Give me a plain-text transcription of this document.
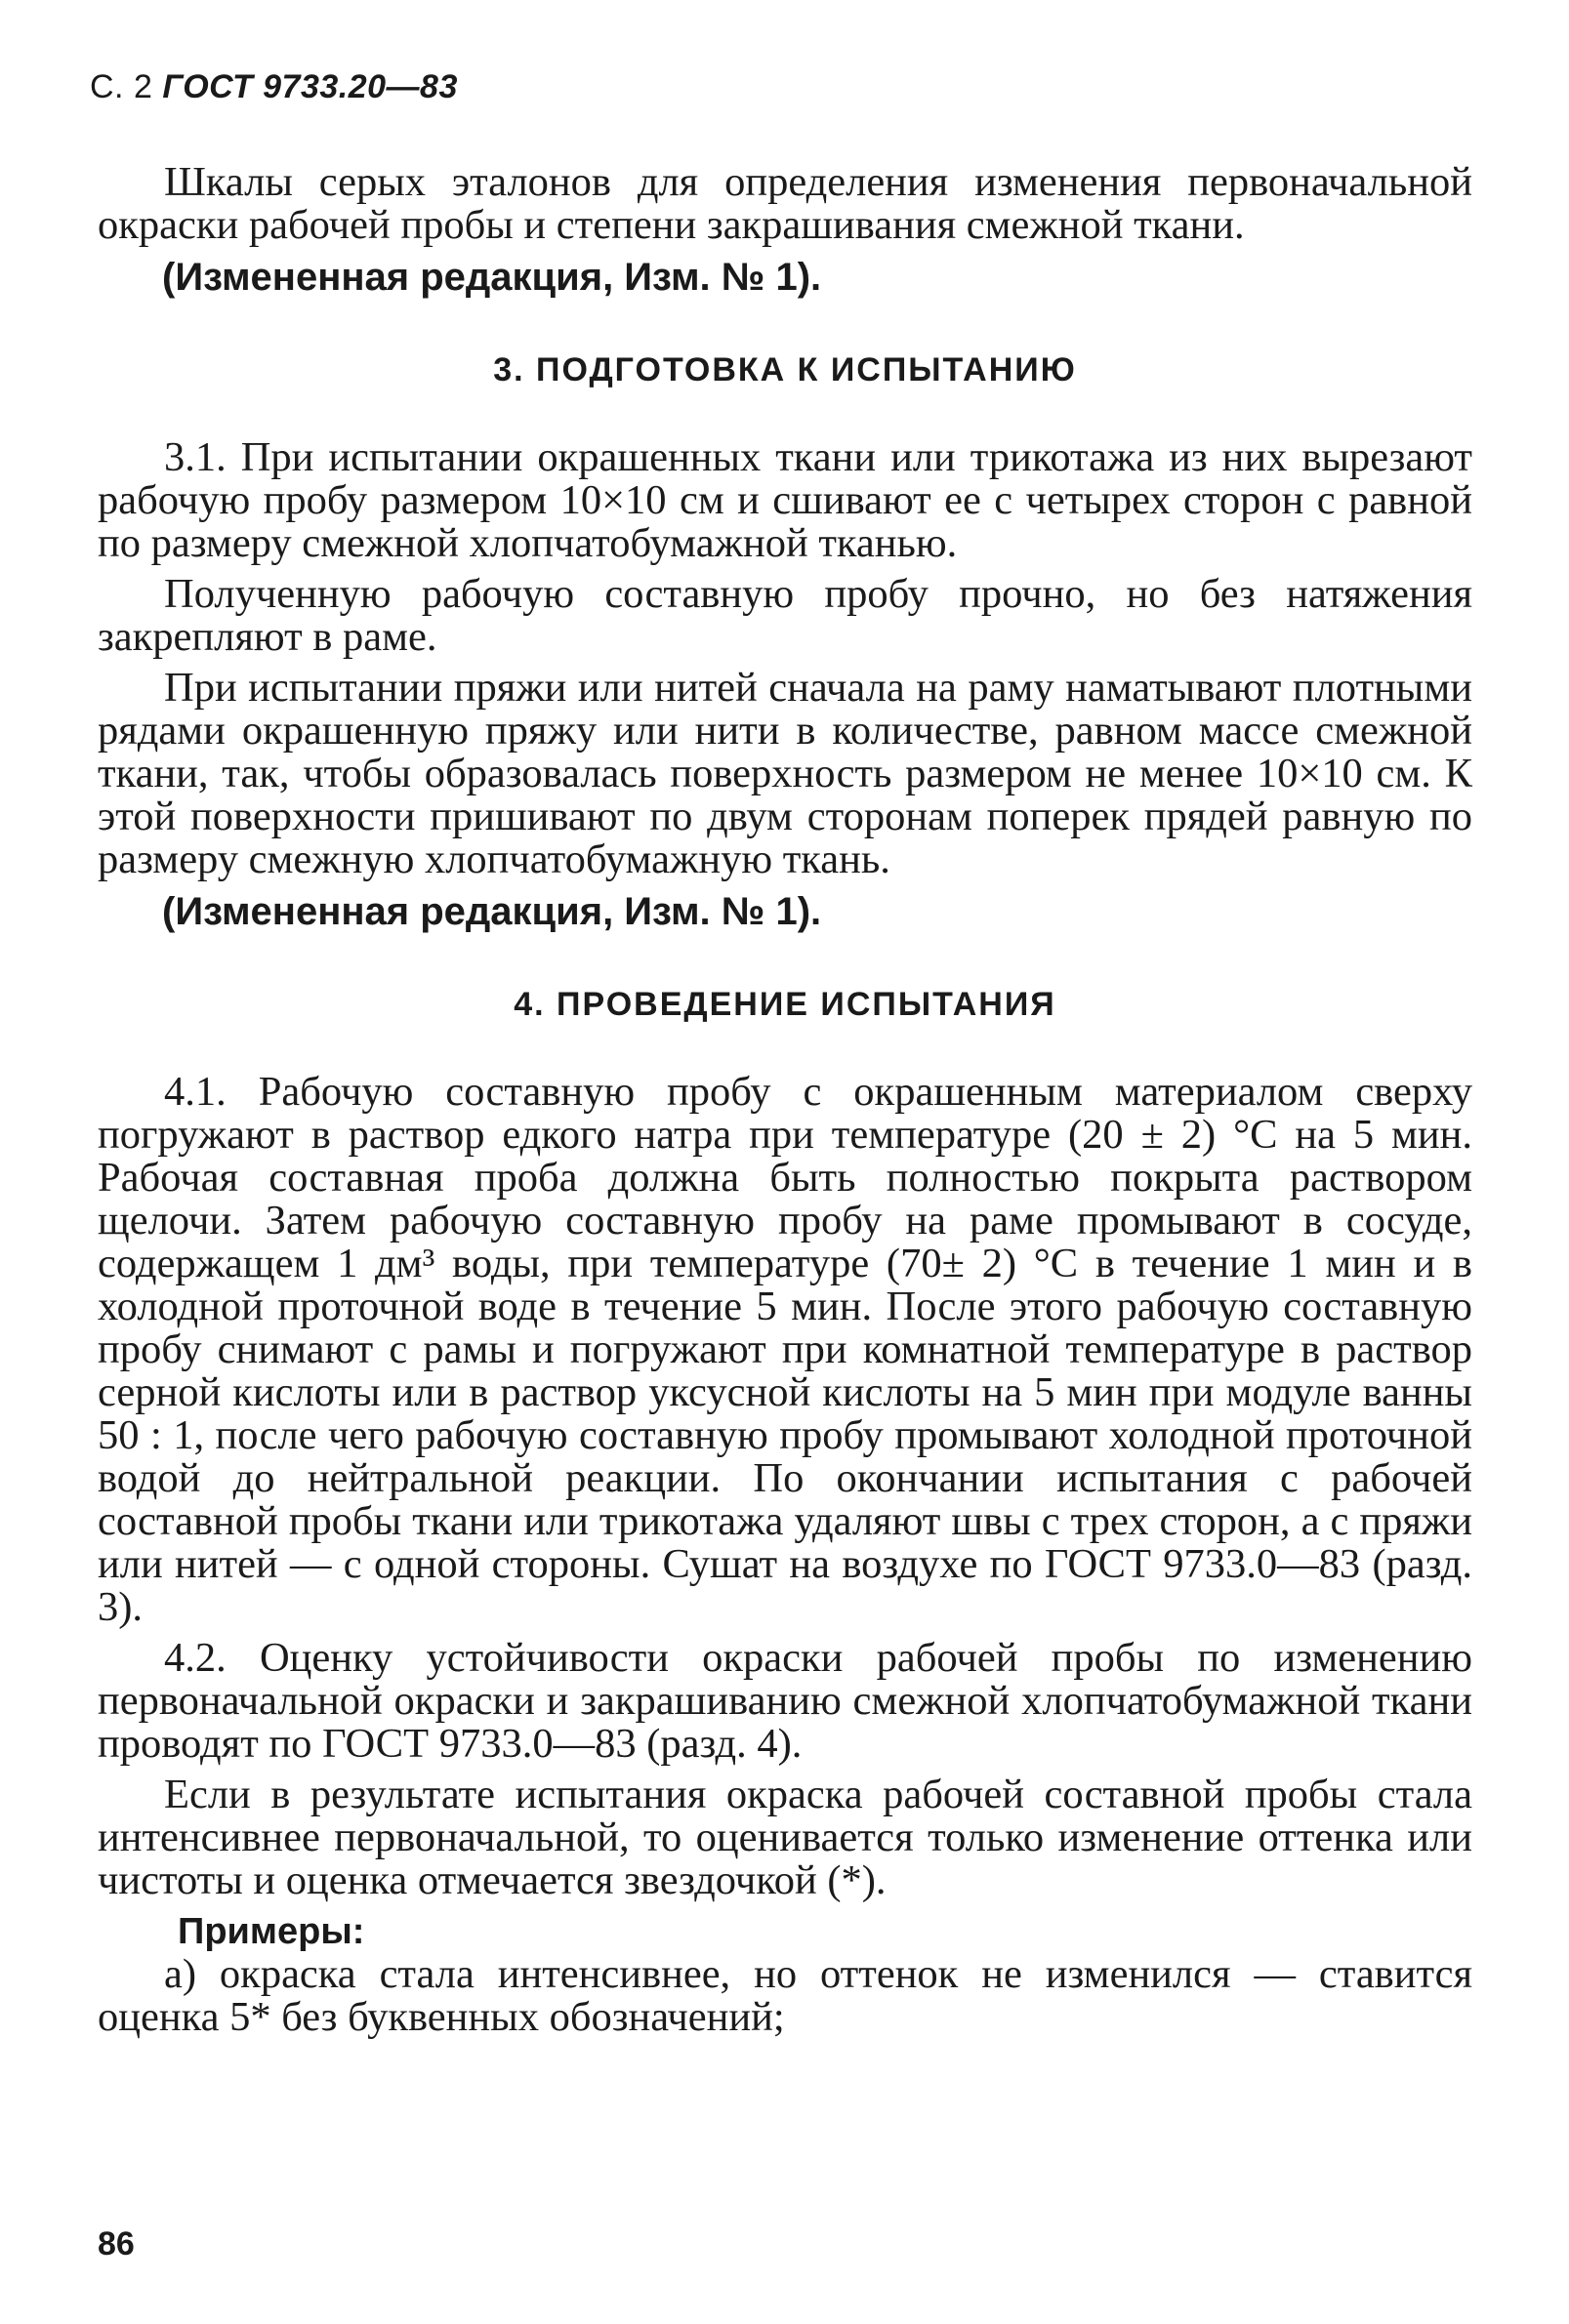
С. 2 ГОСТ 9733.20—83

Шкалы серых эталонов для определения изменения первоначальной окраски рабочей пробы и степени закрашивания смежной ткани.

(Измененная редакция, Изм. № 1).

3. ПОДГОТОВКА К ИСПЫТАНИЮ

3.1. При испытании окрашенных ткани или трикотажа из них вырезают рабочую пробу размером 10×10 см и сшивают ее с четырех сторон с равной по размеру смежной хлопчатобумажной тканью.

Полученную рабочую составную пробу прочно, но без натяжения закрепляют в раме.

При испытании пряжи или нитей сначала на раму наматывают плотными рядами окрашенную пряжу или нити в количестве, равном массе смежной ткани, так, чтобы образовалась поверхность размером не менее 10×10 см. К этой поверхности пришивают по двум сторонам поперек прядей равную по размеру смежную хлопчатобумажную ткань.

(Измененная редакция, Изм. № 1).

4. ПРОВЕДЕНИЕ ИСПЫТАНИЯ

4.1. Рабочую составную пробу с окрашенным материалом сверху погружают в раствор едкого натра при температуре (20 ± 2) °С на 5 мин. Рабочая составная проба должна быть полностью покрыта раствором щелочи. Затем рабочую составную пробу на раме промывают в сосуде, содержащем 1 дм³ воды, при температуре (70± 2) °С в течение 1 мин и в холодной проточной воде в течение 5 мин. После этого рабочую составную пробу снимают с рамы и погружают при комнатной температуре в раствор серной кислоты или в раствор уксусной кислоты на 5 мин при модуле ванны 50 : 1, после чего рабочую составную пробу промывают холодной проточной водой до нейтральной реакции. По окончании испытания с рабочей составной пробы ткани или трикотажа удаляют швы с трех сторон, а с пряжи или нитей — с одной стороны. Сушат на воздухе по ГОСТ 9733.0—83 (разд. 3).

4.2. Оценку устойчивости окраски рабочей пробы по изменению первоначальной окраски и закрашиванию смежной хлопчатобумажной ткани проводят по ГОСТ 9733.0—83 (разд. 4).

Если в результате испытания окраска рабочей составной пробы стала интенсивнее первоначальной, то оценивается только изменение оттенка или чистоты и оценка отмечается звездочкой (*).

Примеры:

а) окраска стала интенсивнее, но оттенок не изменился — ставится оценка 5* без буквенных обозначений;

86
